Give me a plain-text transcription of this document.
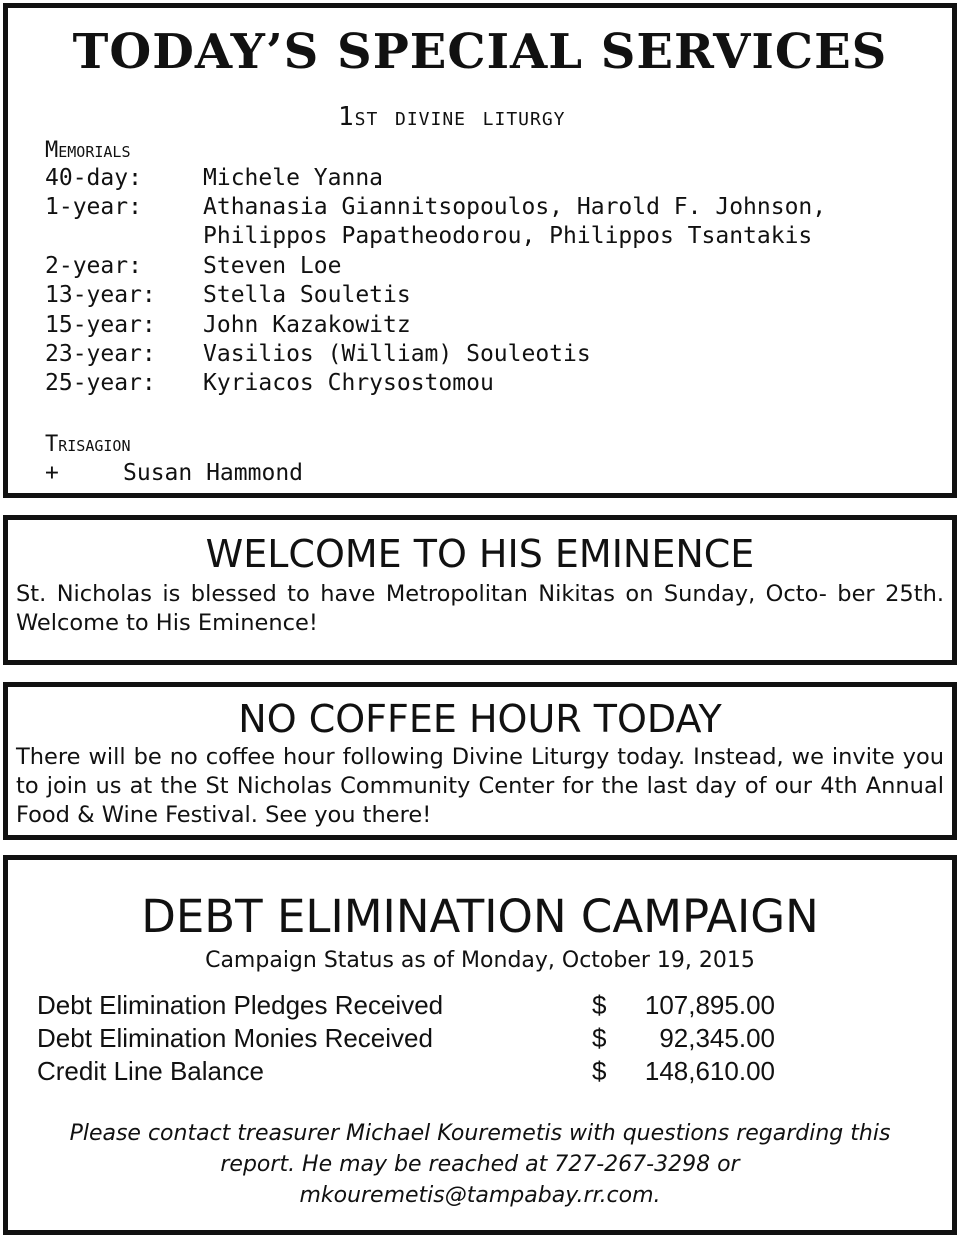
TODAY’S SPECIAL SERVICES
1st divine liturgy
Memorials
40-day:	Michele Yanna
1-year:	Athanasia Giannitsopoulos, Harold F. Johnson,
Philippos Papatheodorou, Philippos Tsantakis
2-year:	Steven Loe
13-year:	Stella Souletis
15-year:	John Kazakowitz
23-year:	Vasilios (William) Souleotis
25-year:	Kyriacos Chrysostomou
Trisagion
+	Susan Hammond
WELCOME TO HIS EMINENCE
St. Nicholas is blessed to have Metropolitan Nikitas on Sunday, Octo- ber 25th. Welcome to His Eminence!
NO COFFEE HOUR TODAY
There will be no coffee hour following Divine Liturgy today. Instead, we invite you to join us at the St Nicholas Community Center for the last day of our 4th Annual Food & Wine Festival. See you there!
DEBT ELIMINATION CAMPAIGN
Campaign Status as of Monday, October 19, 2015
Debt Elimination Pledges Received	$ 107,895.00
Debt Elimination Monies Received	$ 92,345.00
Credit Line Balance	$ 148,610.00
Please contact treasurer Michael Kouremetis with questions regarding this report. He may be reached at 727-267-3298 or mkouremetis@tampabay.rr.com.
